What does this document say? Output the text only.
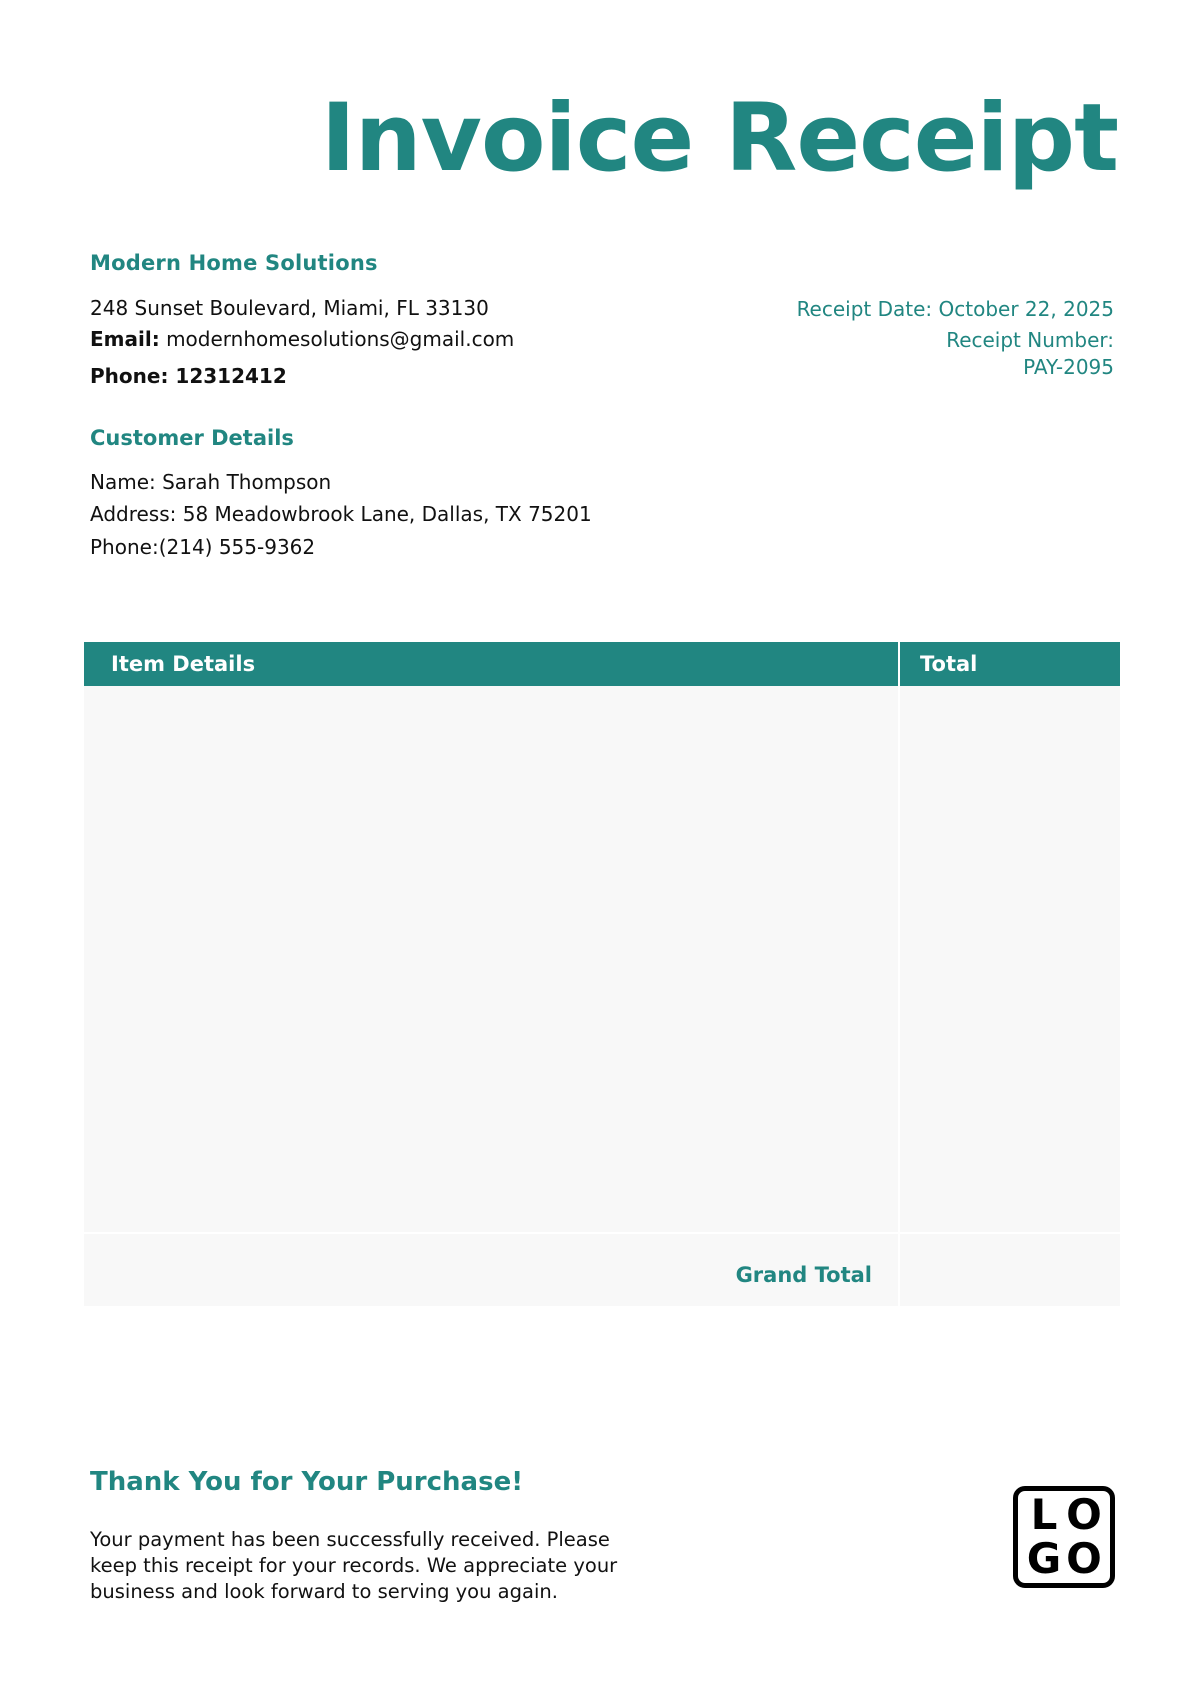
Invoice Receipt
Modern Home Solutions
248 Sunset Boulevard, Miami, FL 33130
Email: modernhomesolutions@gmail.com
Phone: 12312412
Receipt Date: October 22, 2025
Receipt Number:
PAY-2095
Customer Details
Name: Sarah Thompson
Address: 58 Meadowbrook Lane, Dallas, TX 75201
Phone:(214) 555-9362
Item Details	Total
Grand Total
Thank You for Your Purchase!
Your payment has been successfully received. Please keep this receipt for your records. We appreciate your business and look forward to serving you again.
L O
G O
